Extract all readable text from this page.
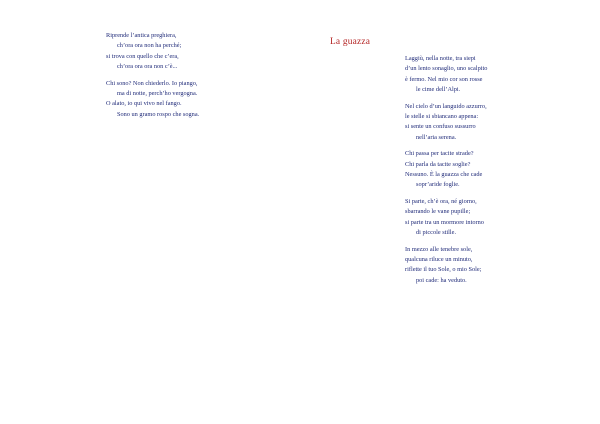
Riprende l’antica preghiera,
ch’ora ora non ha perché;
si trova con quello che c’era,
ch’ora ora ora non c’è...
Chi sono? Non chiederlo. Io piango,
ma di notte, perch’ho vergogna.
O alato, io qui vivo nel fango.
Sono un gramo rospo che sogna.
La guazza
Laggiù, nella notte, tra siepi
d’un lento sonaglio, uno scalpito
è fermo. Nel mio cor son rosse
le cime dell’Alpi.
Nel cielo d’un languido azzurro,
le stelle si sbiancano appena:
si sente un confuso sussurro
nell’aria serena.
Chi passa per tacite strade?
Chi parla da tacite soglie?
Nessuno. È la guazza che cade
sopr’aride foglie.
Si parte, ch’è ora, né giorno,
sbarrando le vane pupille;
si parte tra un mormore intorno
di piccole stille.
In mezzo alle tenebre sole,
qualcuna riluce un minuto,
riflette il tuo Sole, o mio Sole;
poi cade: ha veduto.
